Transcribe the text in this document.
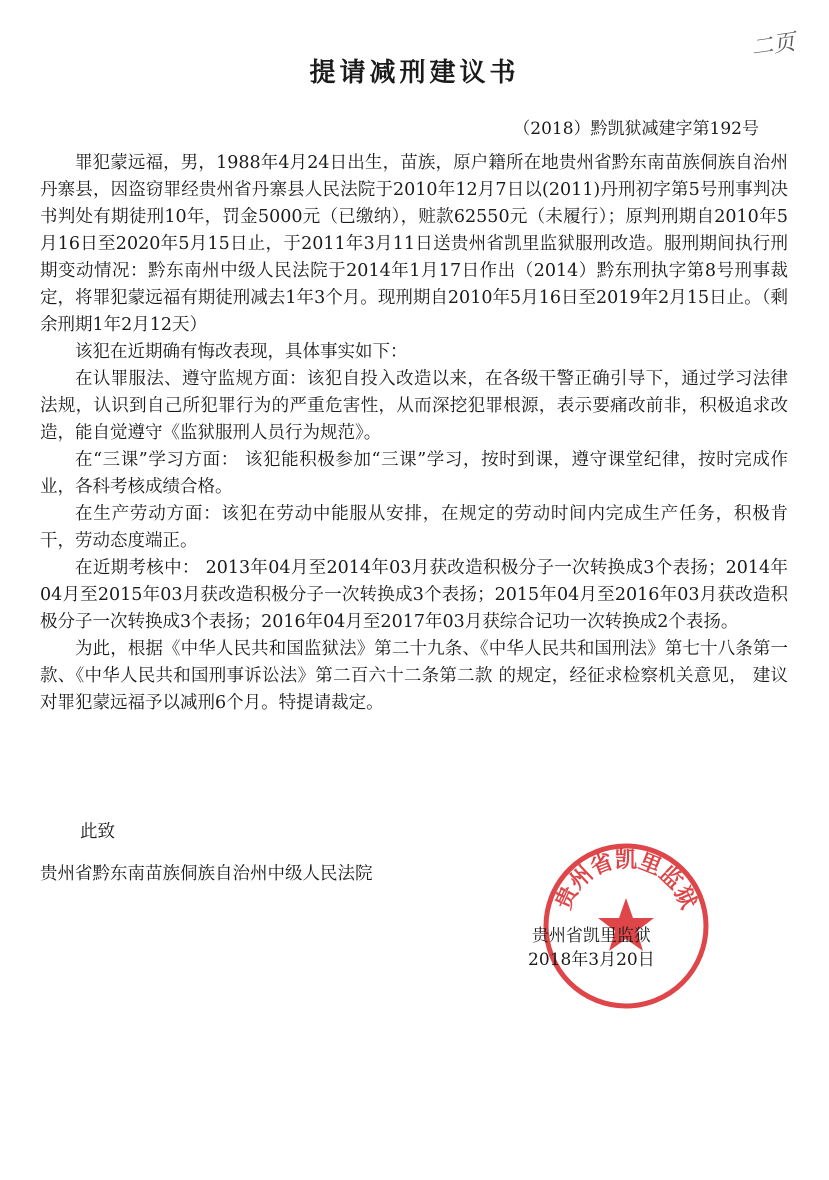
二页
提请减刑建议书
（2018）黔凯狱减建字第192号

罪犯蒙远福，男，1988年4月24日出生，苗族，原户籍所在地贵州省黔东南苗族侗族自治州丹寨县，因盗窃罪经贵州省丹寨县人民法院于2010年12月7日以(2011)丹刑初字第5号刑事判决书判处有期徒刑10年，罚金5000元（已缴纳），赃款62550元（未履行）；原判刑期自2010年5月16日至2020年5月15日止，于2011年3月11日送贵州省凯里监狱服刑改造。服刑期间执行刑期变动情况：黔东南州中级人民法院于2014年1月17日作出（2014）黔东刑执字第8号刑事裁定，将罪犯蒙远福有期徒刑减去1年3个月。现刑期自2010年5月16日至2019年2月15日止。（剩余刑期1年2月12天）

该犯在近期确有悔改表现，具体事实如下：

在认罪服法、遵守监规方面：该犯自投入改造以来，在各级干警正确引导下，通过学习法律法规，认识到自己所犯罪行为的严重危害性，从而深挖犯罪根源，表示要痛改前非，积极追求改造，能自觉遵守《监狱服刑人员行为规范》。

在“三课”学习方面： 该犯能积极参加“三课”学习，按时到课，遵守课堂纪律，按时完成作业，各科考核成绩合格。

在生产劳动方面：该犯在劳动中能服从安排，在规定的劳动时间内完成生产任务，积极肯干，劳动态度端正。

在近期考核中： 2013年04月至2014年03月获改造积极分子一次转换成3个表扬；2014年04月至2015年03月获改造积极分子一次转换成3个表扬；2015年04月至2016年03月获改造积极分子一次转换成3个表扬；2016年04月至2017年03月获综合记功一次转换成2个表扬。

为此，根据《中华人民共和国监狱法》第二十九条、《中华人民共和国刑法》第七十八条第一款、《中华人民共和国刑事诉讼法》第二百六十二条第二款 的规定，经征求检察机关意见， 建议对罪犯蒙远福予以减刑6个月。特提请裁定。

此致
贵州省黔东南苗族侗族自治州中级人民法院
贵州省凯里监狱
贵州省凯里监狱
2018年3月20日
